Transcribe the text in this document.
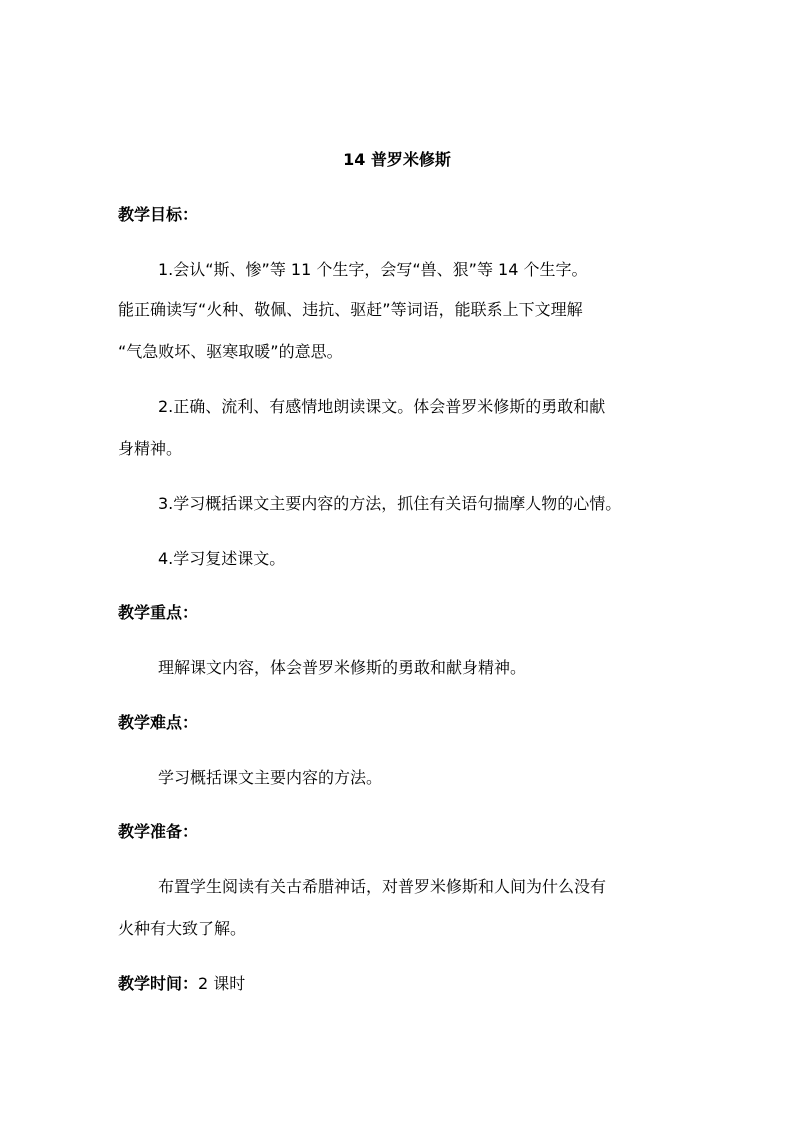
14 普罗米修斯
教学目标：
1.会认“斯、惨”等 11 个生字，会写“兽、狠”等 14 个生字。
能正确读写“火种、敬佩、违抗、驱赶”等词语，能联系上下文理解
“气急败坏、驱寒取暖”的意思。
2.正确、流利、有感情地朗读课文。体会普罗米修斯的勇敢和献
身精神。
3.学习概括课文主要内容的方法，抓住有关语句揣摩人物的心情。
4.学习复述课文。
教学重点：
理解课文内容，体会普罗米修斯的勇敢和献身精神。
教学难点：
学习概括课文主要内容的方法。
教学准备：
布置学生阅读有关古希腊神话，对普罗米修斯和人间为什么没有
火种有大致了解。
教学时间：2 课时
